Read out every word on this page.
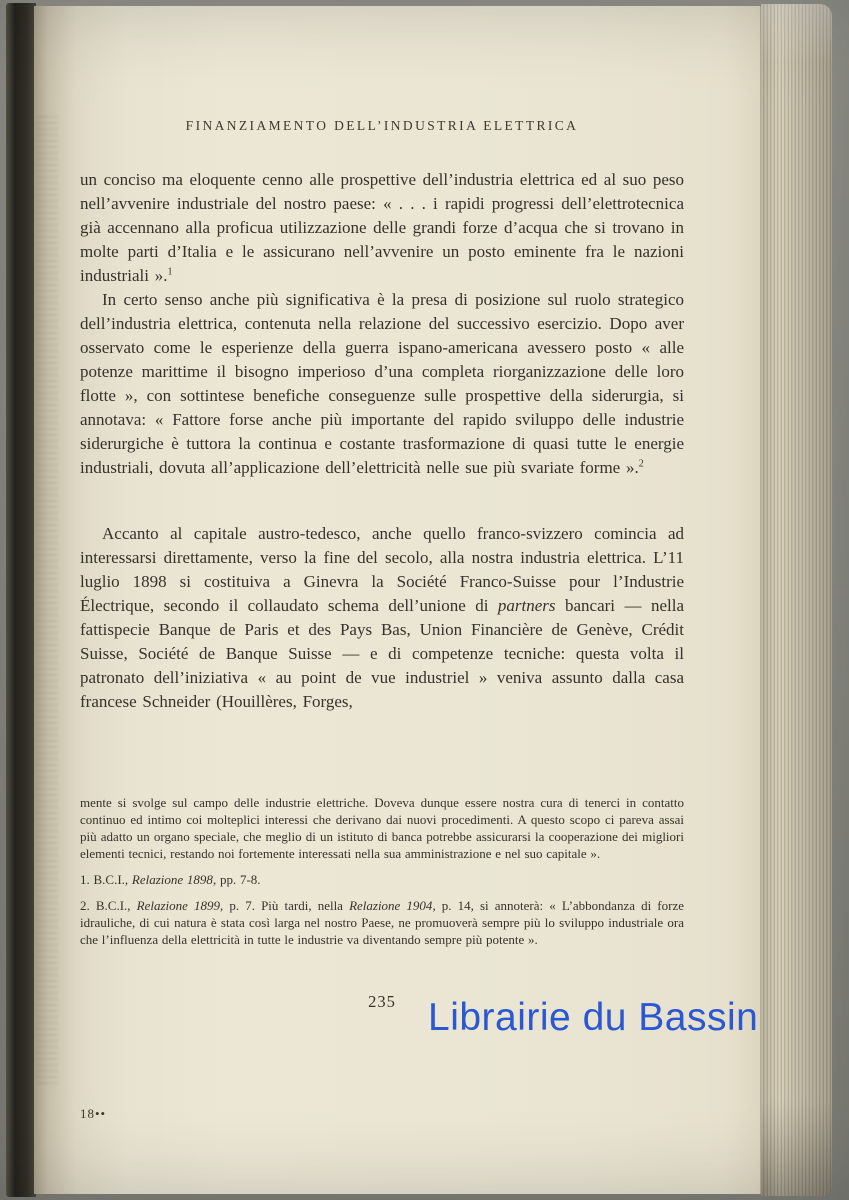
FINANZIAMENTO DELL’INDUSTRIA ELETTRICA

un conciso ma eloquente cenno alle prospettive dell’industria elettrica ed al suo peso nell’avvenire industriale del nostro paese: « . . . i rapidi progressi dell’elettrotecnica già accennano alla proficua utilizzazione delle grandi forze d’acqua che si trovano in molte parti d’Italia e le assicurano nell’avvenire un posto eminente fra le nazioni industriali ».$^1$

In certo senso anche più significativa è la presa di posizione sul ruolo strategico dell’industria elettrica, contenuta nella relazione del successivo esercizio. Dopo aver osservato come le esperienze della guerra ispano-americana avessero posto « alle potenze marittime il bisogno imperioso d’una completa riorganizzazione delle loro flotte », con sottintese benefiche conseguenze sulle prospettive della siderurgia, si annotava: « Fattore forse anche più importante del rapido sviluppo delle industrie siderurgiche è tuttora la continua e costante trasformazione di quasi tutte le energie industriali, dovuta all’applicazione dell’elettricità nelle sue più svariate forme ».$^2$

Accanto al capitale austro-tedesco, anche quello franco-svizzero comincia ad interessarsi direttamente, verso la fine del secolo, alla nostra industria elettrica. L’11 luglio 1898 si costituiva a Ginevra la Société Franco-Suisse pour l’Industrie Électrique, secondo il collaudato schema dell’unione di partners bancari — nella fattispecie Banque de Paris et des Pays Bas, Union Financière de Genève, Crédit Suisse, Société de Banque Suisse — e di competenze tecniche: questa volta il patronato dell’iniziativa « au point de vue industriel » veniva assunto dalla casa francese Schneider (Houillères, Forges,

mente si svolge sul campo delle industrie elettriche. Doveva dunque essere nostra cura di tenerci in contatto continuo ed intimo coi molteplici interessi che derivano dai nuovi procedimenti. A questo scopo ci pareva assai più adatto un organo speciale, che meglio di un istituto di banca potrebbe assicurarsi la cooperazione dei migliori elementi tecnici, restando noi fortemente interessati nella sua amministrazione e nel suo capitale ».

1. B.C.I., Relazione 1898, pp. 7-8.

2. B.C.I., Relazione 1899, p. 7. Più tardi, nella Relazione 1904, p. 14, si annoterà: « L’abbondanza di forze idrauliche, di cui natura è stata così larga nel nostro Paese, ne promuoverà sempre più lo sviluppo industriale ora che l’influenza della elettricità in tutte le industrie va diventando sempre più potente ».

235
18••
Librairie du Bassin
